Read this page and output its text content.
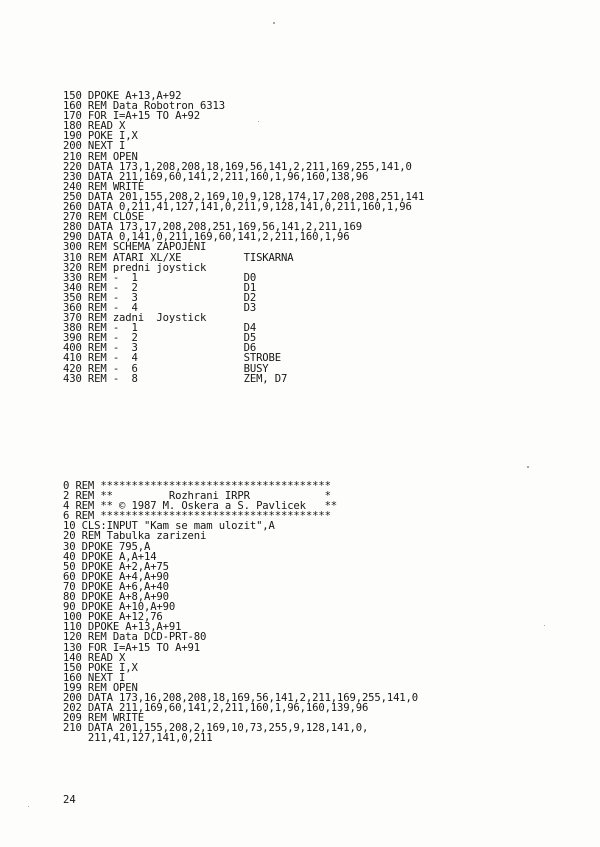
150 DPOKE A+13,A+92
160 REM Data Robotron 6313
170 FOR I=A+15 TO A+92
180 READ X
190 POKE I,X
200 NEXT I
210 REM OPEN
220 DATA 173,1,208,208,18,169,56,141,2,211,169,255,141,0
230 DATA 211,169,60,141,2,211,160,1,96,160,138,96
240 REM WRITE
250 DATA 201,155,208,2,169,10,9,128,174,17,208,208,251,141
260 DATA 0,211,41,127,141,0,211,9,128,141,0,211,160,1,96
270 REM CLOSE
280 DATA 173,17,208,208,251,169,56,141,2,211,169
290 DATA 0,141,0,211,169,60,141,2,211,160,1,96
300 REM SCHEMA ZAPOJENI
310 REM ATARI XL/XE          TISKARNA
320 REM predni joystick
330 REM -  1                 D0
340 REM -  2                 D1
350 REM -  3                 D2
360 REM -  4                 D3
370 REM zadni  Joystick
380 REM -  1                 D4
390 REM -  2                 D5
400 REM -  3                 D6
410 REM -  4                 STROBE
420 REM -  6                 BUSY
430 REM -  8                 ZEM, D7
0 REM *************************************
2 REM **         Rozhrani IRPR            *
4 REM ** © 1987 M. Oskera a S. Pavlicek   **
6 REM *************************************
10 CLS:INPUT "Kam se mam ulozit",A
20 REM Tabulka zarizeni
30 DPOKE 795,A
40 DPOKE A,A+14
50 DPOKE A+2,A+75
60 DPOKE A+4,A+90
70 DPOKE A+6,A+40
80 DPOKE A+8,A+90
90 DPOKE A+10,A+90
100 POKE A+12,76
110 DPOKE A+13,A+91
120 REM Data DCD-PRT-80
130 FOR I=A+15 TO A+91
140 READ X
150 POKE I,X
160 NEXT I
199 REM OPEN
200 DATA 173,16,208,208,18,169,56,141,2,211,169,255,141,0
202 DATA 211,169,60,141,2,211,160,1,96,160,139,96
209 REM WRITE
210 DATA 201,155,208,2,169,10,73,255,9,128,141,0,
211,41,127,141,0,211
24
